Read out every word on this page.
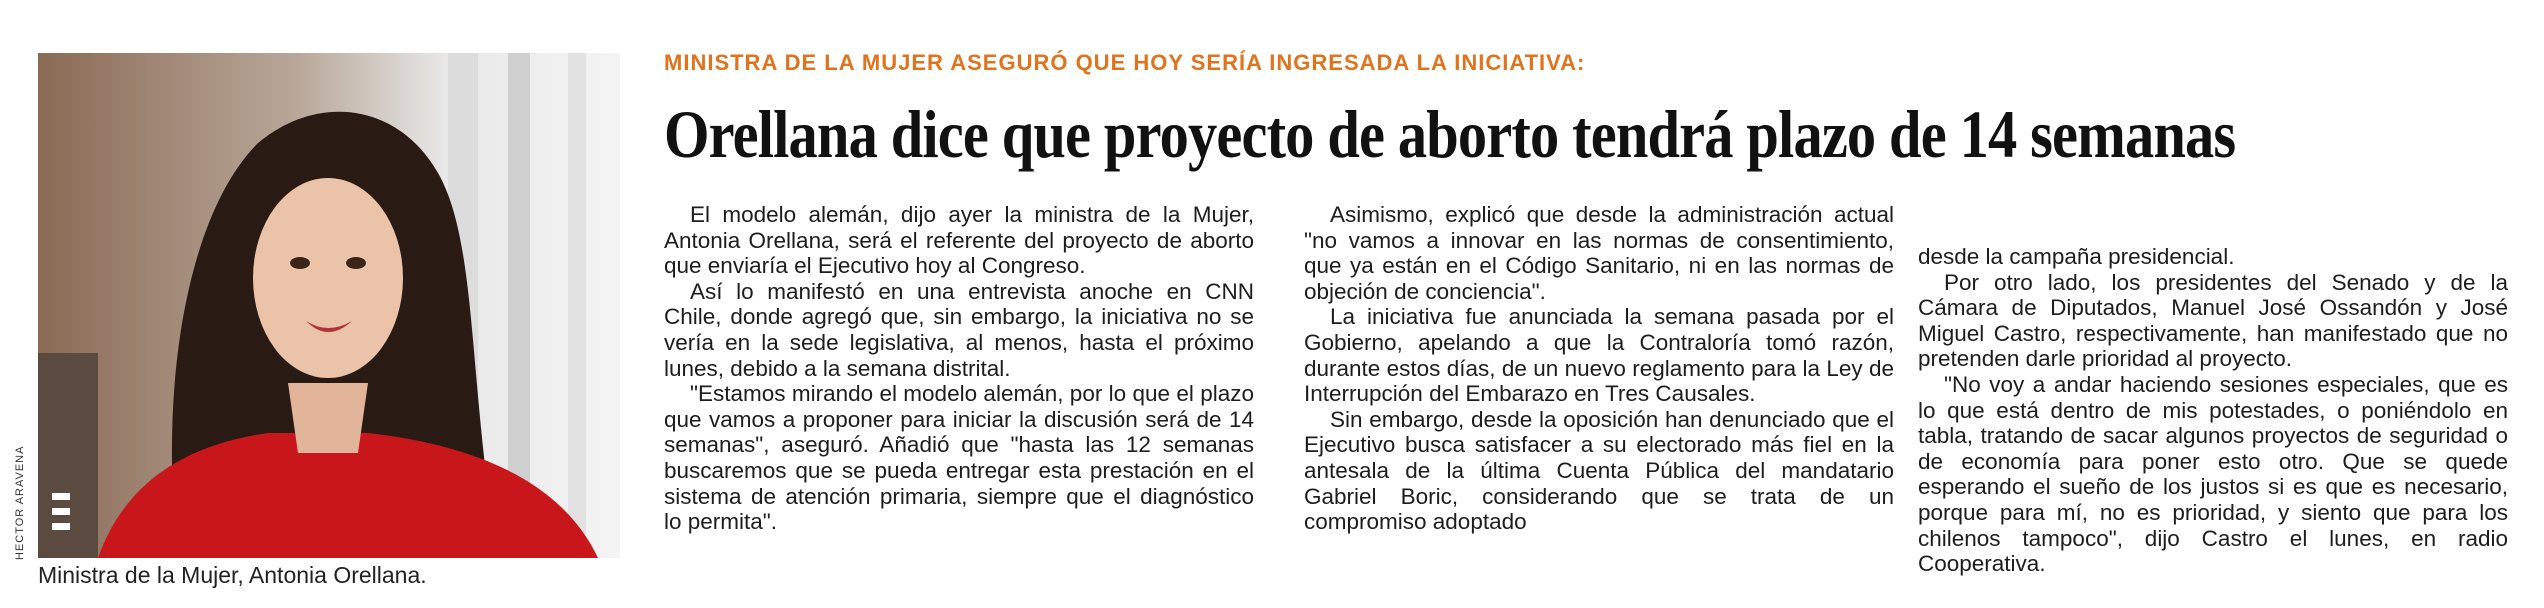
HECTOR ARAVENA
Ministra de la Mujer, Antonia Orellana.
MINISTRA DE LA MUJER ASEGURÓ QUE HOY SERÍA INGRESADA LA INICIATIVA:
Orellana dice que proyecto de aborto tendrá plazo de 14 semanas

El modelo alemán, dijo ayer la ministra de la Mujer, Antonia Orellana, será el referente del proyecto de aborto que enviaría el Ejecutivo hoy al Congreso.

Así lo manifestó en una entrevista anoche en CNN Chile, donde agregó que, sin embargo, la iniciativa no se vería en la sede legislativa, al menos, hasta el próximo lunes, debido a la semana distrital.

"Estamos mirando el modelo alemán, por lo que el plazo que vamos a proponer para iniciar la discusión será de 14 semanas", aseguró. Añadió que "hasta las 12 semanas buscaremos que se pueda entregar esta prestación en el sistema de atención primaria, siempre que el diagnóstico lo permita".

Asimismo, explicó que desde la administración actual "no vamos a innovar en las normas de consentimiento, que ya están en el Código Sanitario, ni en las normas de objeción de conciencia".

La iniciativa fue anunciada la semana pasada por el Gobierno, apelando a que la Contraloría tomó razón, durante estos días, de un nuevo reglamento para la Ley de Interrupción del Embarazo en Tres Causales.

Sin embargo, desde la oposición han denunciado que el Ejecutivo busca satisfacer a su electorado más fiel en la antesala de la última Cuenta Pública del mandatario Gabriel Boric, considerando que se trata de un compromiso adoptado

desde la campaña presidencial.

Por otro lado, los presidentes del Senado y de la Cámara de Diputados, Manuel José Ossandón y José Miguel Castro, respectivamente, han manifestado que no pretenden darle prioridad al proyecto.

"No voy a andar haciendo sesiones especiales, que es lo que está dentro de mis potestades, o poniéndolo en tabla, tratando de sacar algunos proyectos de seguridad o de economía para poner esto otro. Que se quede esperando el sueño de los justos si es que es necesario, porque para mí, no es prioridad, y siento que para los chilenos tampoco", dijo Castro el lunes, en radio Cooperativa.
